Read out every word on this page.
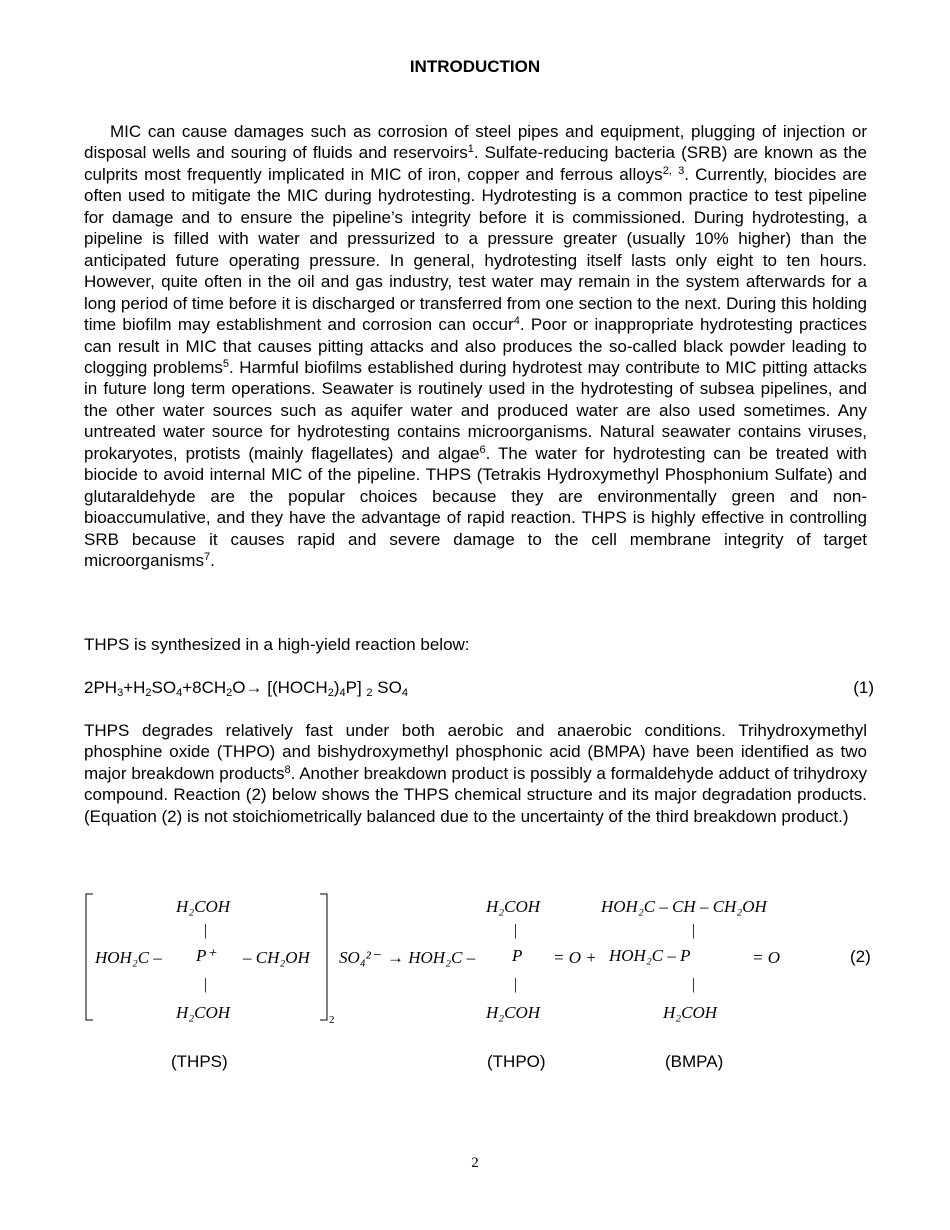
INTRODUCTION

MIC can cause damages such as corrosion of steel pipes and equipment, plugging of injection or disposal wells and souring of fluids and reservoirs$^1$. Sulfate-reducing bacteria (SRB) are known as the culprits most frequently implicated in MIC of iron, copper and ferrous alloys$^{2,}$ $^3$. Currently, biocides are often used to mitigate the MIC during hydrotesting. Hydrotesting is a common practice to test pipeline for damage and to ensure the pipeline’s integrity before it is commissioned. During hydrotesting, a pipeline is filled with water and pressurized to a pressure greater (usually 10% higher) than the anticipated future operating pressure. In general, hydrotesting itself lasts only eight to ten hours. However, quite often in the oil and gas industry, test water may remain in the system afterwards for a long period of time before it is discharged or transferred from one section to the next. During this holding time biofilm may establishment and corrosion can occur$^4$. Poor or inappropriate hydrotesting practices can result in MIC that causes pitting attacks and also produces the so-called black powder leading to clogging problems$^5$. Harmful biofilms established during hydrotest may contribute to MIC pitting attacks in future long term operations. Seawater is routinely used in the hydrotesting of subsea pipelines, and the other water sources such as aquifer water and produced water are also used sometimes. Any untreated water source for hydrotesting contains microorganisms. Natural seawater contains viruses, prokaryotes, protists (mainly flagellates) and algae$^6$. The water for hydrotesting can be treated with biocide to avoid internal MIC of the pipeline. THPS (Tetrakis Hydroxymethyl Phosphonium Sulfate) and glutaraldehyde are the popular choices because they are environmentally green and non-bioaccumulative, and they have the advantage of rapid reaction. THPS is highly effective in controlling SRB because it causes rapid and severe damage to the cell membrane integrity of target microorganisms$^7$.

THPS is synthesized in a high-yield reaction below:

$2PH_3+H_2SO_4+8CH_2O\to$ $[(HOCH_2)_4P]$ $_2$ $SO_4$	(1)

THPS degrades relatively fast under both aerobic and anaerobic conditions. Trihydroxymethyl phosphine oxide (THPO) and bishydroxymethyl phosphonic acid (BMPA) have been identified as two major breakdown products$^8$. Another breakdown product is possibly a formaldehyde adduct of trihydroxy compound. Reaction (2) below shows the THPS chemical structure and its major degradation products. (Equation (2) is not stoichiometrically balanced due to the uncertainty of the third breakdown product.)

H₂COH
|
HOH₂C – P⁺ – CH₂OH
|
H₂COH	2
SO₄²⁻ → HOH₂C –
H₂COH
|
P = O +
|
H₂COH
HOH₂C – CH – CH₂OH
|
HOH₂C – P	= O
|
H₂COH
(2)
(THPS)	(THPO)	(BMPA)
2
